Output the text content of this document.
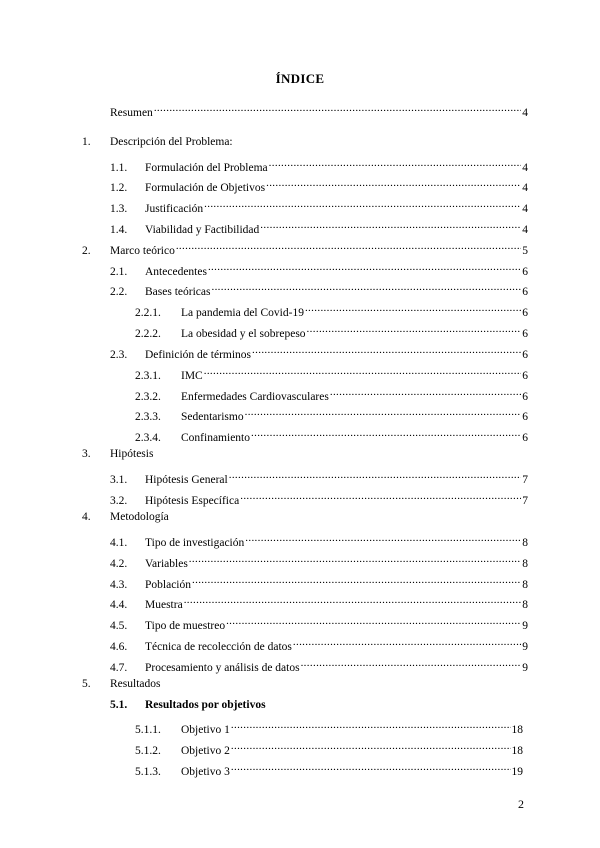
ÍNDICE
Resumen . . .	4
1.	Descripción del Problema:
1.1.	Formulación del Problema . . .	4
1.2.	Formulación de Objetivos . . .	4
1.3.	Justificación . . .	4
1.4.	Viabilidad y Factibilidad . . .	4
2.	Marco teórico . . .	5
2.1.	Antecedentes . . .	6
2.2.	Bases teóricas . . .	6
2.2.1.	La pandemia del Covid-19 . . .	6
2.2.2.	La obesidad y el sobrepeso . . .	6
2.3.	Definición de términos . . .	6
2.3.1.	IMC . . .	6
2.3.2.	Enfermedades Cardiovasculares . . .	6
2.3.3.	Sedentarismo . . .	6
2.3.4.	Confinamiento . . .	6
3.	Hipótesis
3.1.	Hipótesis General . . .	7
3.2.	Hipótesis Específica . . .	7
4.	Metodología
4.1.	Tipo de investigación . . .	8
4.2.	Variables . . .	8
4.3.	Población . . .	8
4.4.	Muestra . . .	8
4.5.	Tipo de muestreo . . .	9
4.6.	Técnica de recolección de datos . . .	9
4.7.	Procesamiento y análisis de datos . . .	9
5.	Resultados
5.1.	Resultados por objetivos
5.1.1.	Objetivo 1 . . .	18
5.1.2.	Objetivo 2 . . .	18
5.1.3.	Objetivo 3 . . .	19
2
